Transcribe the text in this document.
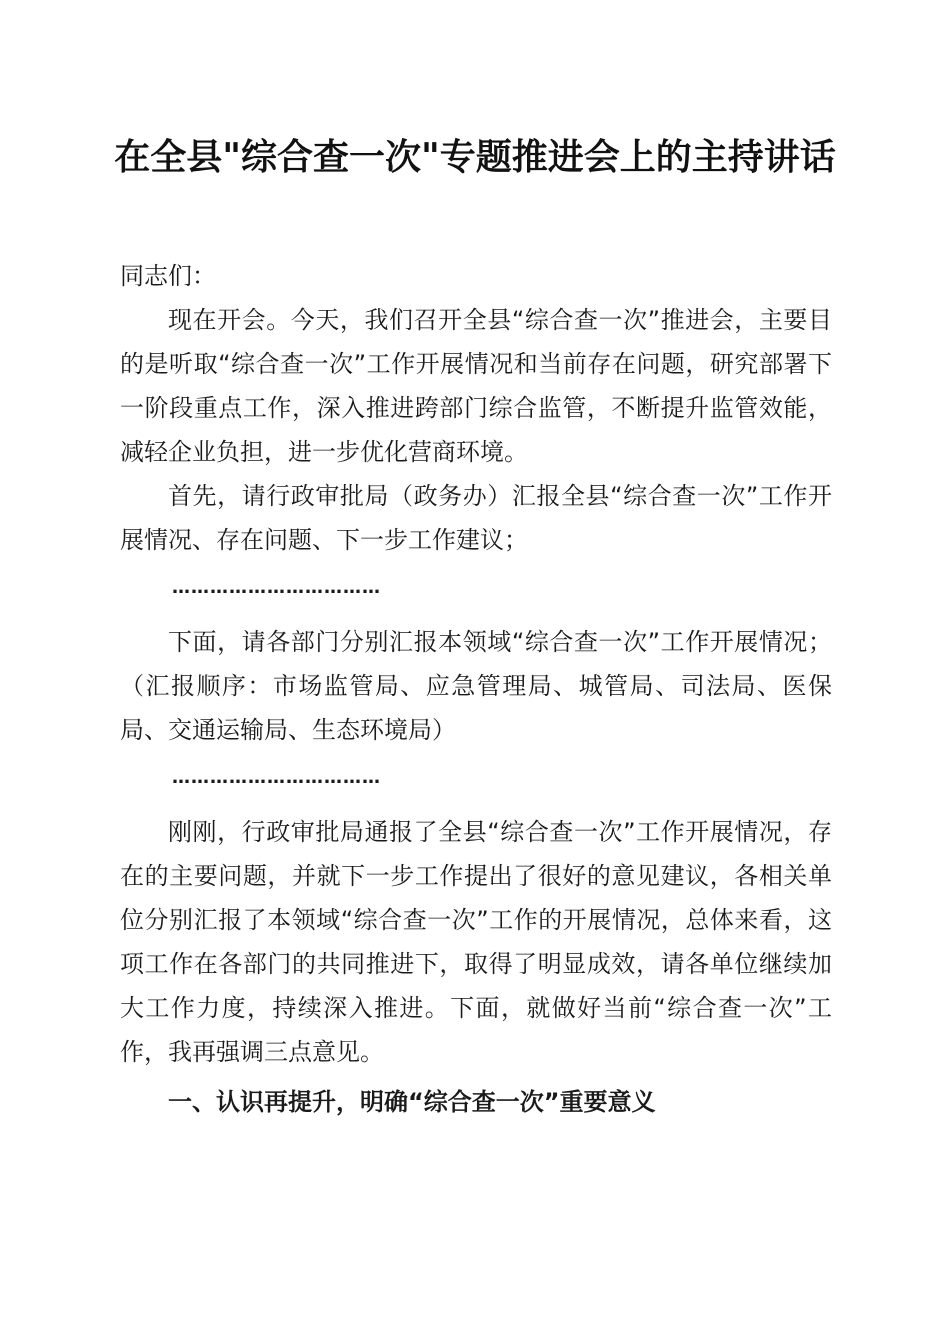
在全县"综合查一次"专题推进会上的主持讲话

同志们：

现在开会。今天，我们召开全县“综合查一次”推进会，主要目的是听取“综合查一次”工作开展情况和当前存在问题，研究部署下一阶段重点工作，深入推进跨部门综合监管，不断提升监管效能，减轻企业负担，进一步优化营商环境。

首先，请行政审批局（政务办）汇报全县“综合查一次”工作开展情况、存在问题、下一步工作建议；

……………………………

下面，请各部门分别汇报本领域“综合查一次”工作开展情况；（汇报顺序：市场监管局、应急管理局、城管局、司法局、医保局、交通运输局、生态环境局）

……………………………

刚刚，行政审批局通报了全县“综合查一次”工作开展情况，存在的主要问题，并就下一步工作提出了很好的意见建议，各相关单位分别汇报了本领域“综合查一次”工作的开展情况，总体来看，这项工作在各部门的共同推进下，取得了明显成效，请各单位继续加大工作力度，持续深入推进。下面，就做好当前“综合查一次”工作，我再强调三点意见。

一、认识再提升，明确“综合查一次”重要意义
